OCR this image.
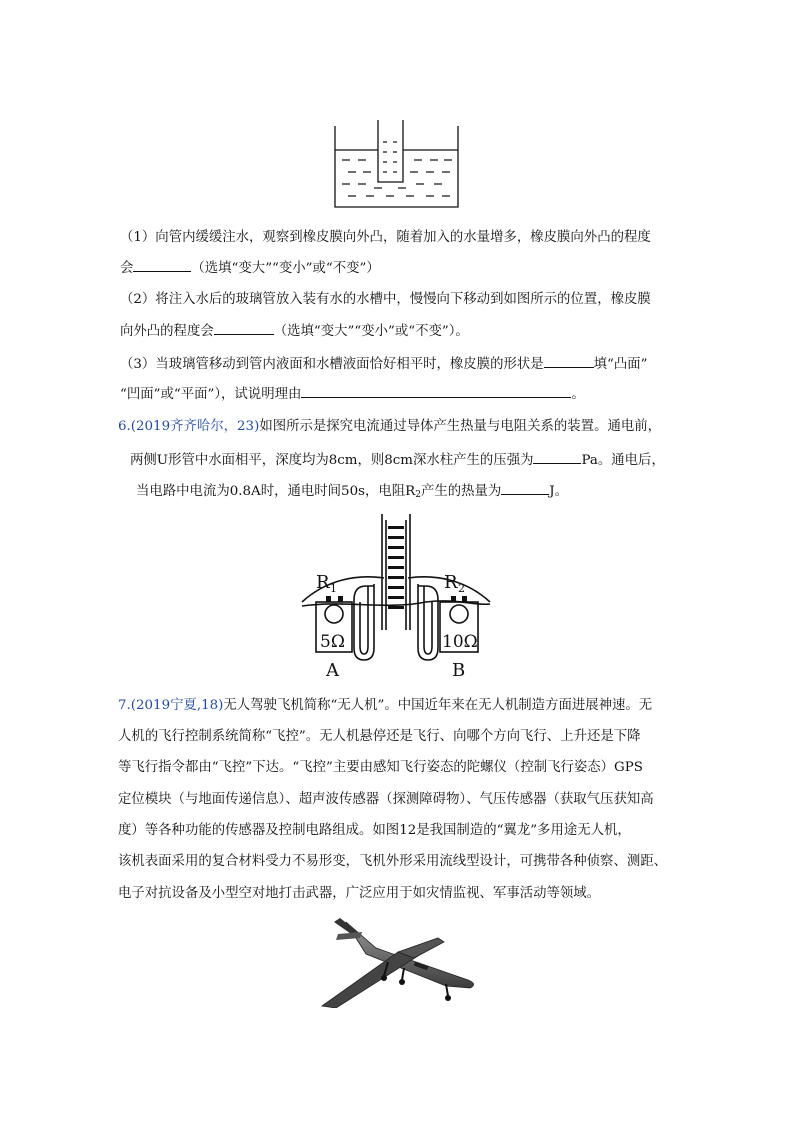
（1）向管内缓缓注水，观察到橡皮膜向外凸，随着加入的水量增多，橡皮膜向外凸的程度
会	（选填“变大”“变小”或“不变”）
（2）将注入水后的玻璃管放入装有水的水槽中，慢慢向下移动到如图所示的位置，橡皮膜
向外凸的程度会	（选填“变大”“变小”或“不变”）。
（3）当玻璃管移动到管内液面和水槽液面恰好相平时，橡皮膜的形状是	填“凸面”
“凹面”或“平面”），试说明理由	。
6.(2019齐齐哈尔，23)如图所示是探究电流通过导体产生热量与电阻关系的装置。通电前，
两侧U形管中水面相平，深度均为8cm，则8cm深水柱产生的压强为	Pa。通电后，
当电路中电流为0.8A时，通电时间50s，电阻$R_2$产生的热量为	J。
R 1	R 2
5Ω	10Ω
A	B
7.(2019宁夏,18)无人驾驶飞机简称“无人机”。中国近年来在无人机制造方面进展神速。无
人机的飞行控制系统简称“飞控”。无人机悬停还是飞行、向哪个方向飞行、上升还是下降
等飞行指令都由“飞控”下达。“飞控”主要由感知飞行姿态的陀螺仪（控制飞行姿态）GPS
定位模块（与地面传递信息）、超声波传感器（探测障碍物）、气压传感器（获取气压获知高
度）等各种功能的传感器及控制电路组成。如图12是我国制造的“翼龙”多用途无人机，
该机表面采用的复合材料受力不易形变，飞机外形采用流线型设计，可携带各种侦察、测距、
电子对抗设备及小型空对地打击武器，广泛应用于如灾情监视、军事活动等领域。
